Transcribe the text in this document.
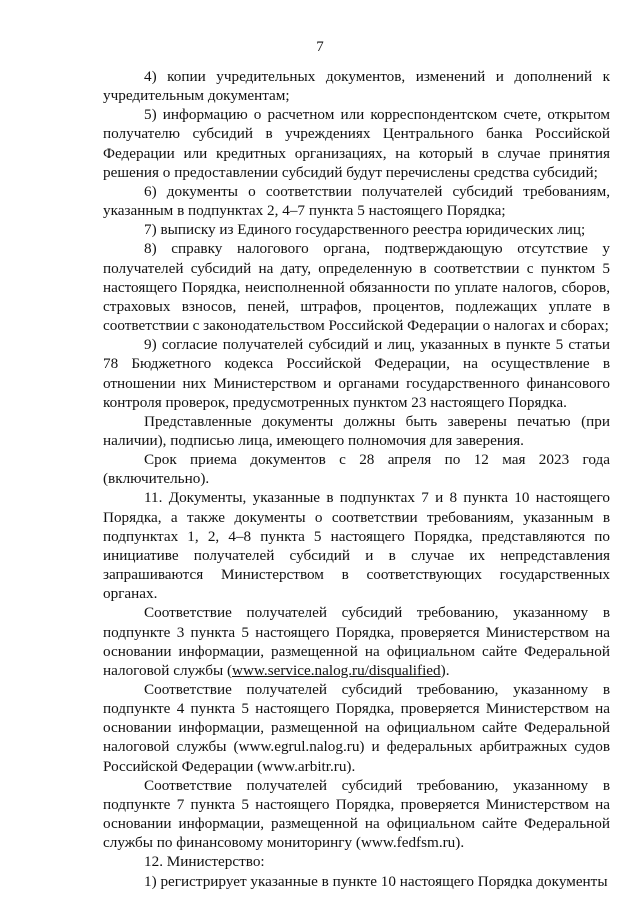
7

4) копии учредительных документов, изменений и дополнений к учредительным документам;

5) информацию о расчетном или корреспондентском счете, открытом получателю субсидий в учреждениях Центрального банка Российской Федерации или кредитных организациях, на который в случае принятия решения о предоставлении субсидий будут перечислены средства субсидий;

6) документы о соответствии получателей субсидий требованиям, указанным в подпунктах 2, 4–7 пункта 5 настоящего Порядка;

7) выписку из Единого государственного реестра юридических лиц;

8) справку налогового органа, подтверждающую отсутствие у получателей субсидий на дату, определенную в соответствии с пунктом 5 настоящего Порядка, неисполненной обязанности по уплате налогов, сборов, страховых взносов, пеней, штрафов, процентов, подлежащих уплате в соответствии с законодательством Российской Федерации о налогах и сборах;

9) согласие получателей субсидий и лиц, указанных в пункте 5 статьи 78 Бюджетного кодекса Российской Федерации, на осуществление в отношении них Министерством и органами государственного финансового контроля проверок, предусмотренных пунктом 23 настоящего Порядка.

Представленные документы должны быть заверены печатью (при наличии), подписью лица, имеющего полномочия для заверения.

Срок приема документов с 28 апреля по 12 мая 2023 года (включительно).

11. Документы, указанные в подпунктах 7 и 8 пункта 10 настоящего Порядка, а также документы о соответствии требованиям, указанным в подпунктах 1, 2, 4–8 пункта 5 настоящего Порядка, представляются по инициативе получателей субсидий и в случае их непредставления запрашиваются Министерством в соответствующих государственных органах.

Соответствие получателей субсидий требованию, указанному в подпункте 3 пункта 5 настоящего Порядка, проверяется Министерством на основании информации, размещенной на официальном сайте Федеральной налоговой службы (www.service.nalog.ru/disqualified).

Соответствие получателей субсидий требованию, указанному в подпункте 4 пункта 5 настоящего Порядка, проверяется Министерством на основании информации, размещенной на официальном сайте Федеральной налоговой службы (www.egrul.nalog.ru) и федеральных арбитражных судов Российской Федерации (www.arbitr.ru).

Соответствие получателей субсидий требованию, указанному в подпункте 7 пункта 5 настоящего Порядка, проверяется Министерством на основании информации, размещенной на официальном сайте Федеральной службы по финансовому мониторингу (www.fedfsm.ru).

12. Министерство:

1) регистрирует указанные в пункте 10 настоящего Порядка документы
